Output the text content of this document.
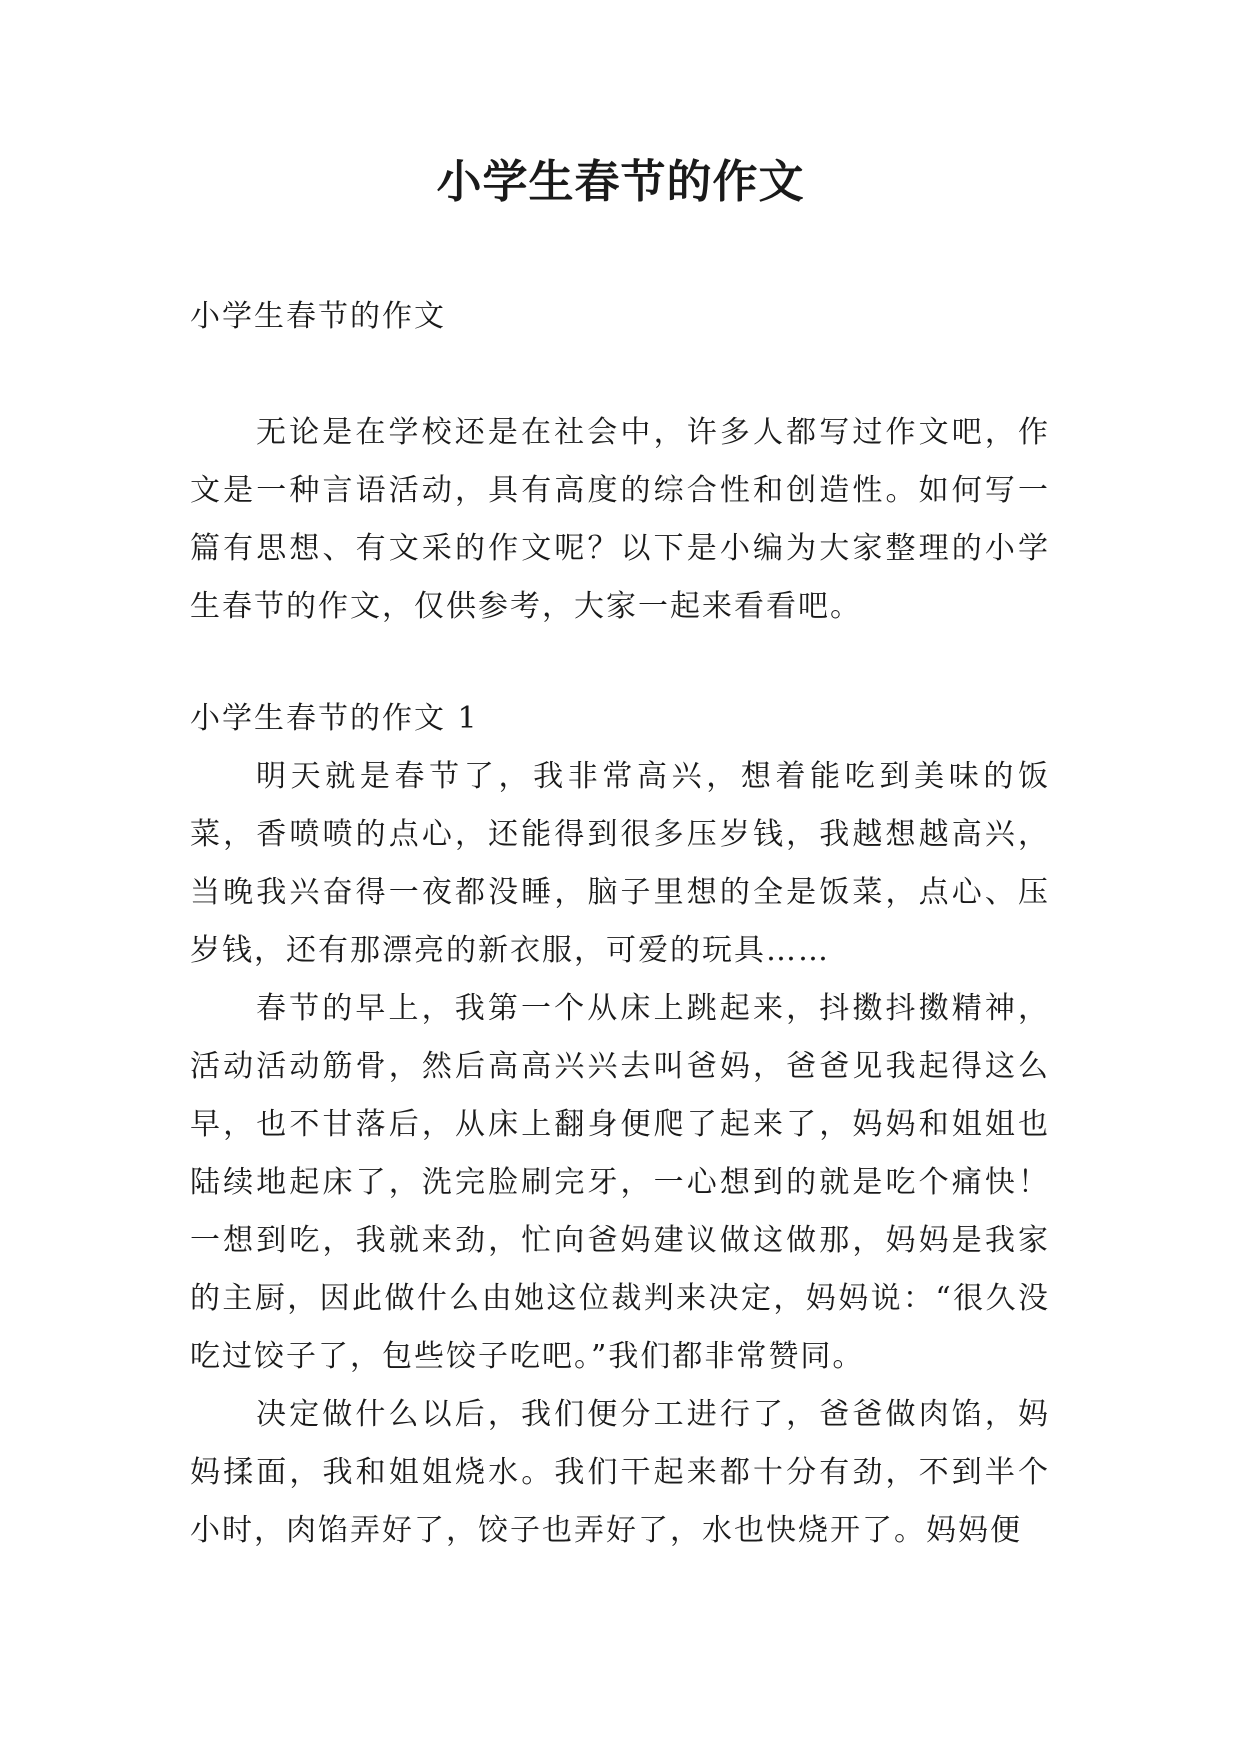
小学生春节的作文

小学生春节的作文

无论是在学校还是在社会中，许多人都写过作文吧，作文是一种言语活动，具有高度的综合性和创造性。如何写一篇有思想、有文采的作文呢？以下是小编为大家整理的小学生春节的作文，仅供参考，大家一起来看看吧。

小学生春节的作文 1

明天就是春节了，我非常高兴，想着能吃到美味的饭菜，香喷喷的点心，还能得到很多压岁钱，我越想越高兴，当晚我兴奋得一夜都没睡，脑子里想的全是饭菜，点心、压岁钱，还有那漂亮的新衣服，可爱的玩具……

春节的早上，我第一个从床上跳起来，抖擞抖擞精神，活动活动筋骨，然后高高兴兴去叫爸妈，爸爸见我起得这么早，也不甘落后，从床上翻身便爬了起来了，妈妈和姐姐也陆续地起床了，洗完脸刷完牙，一心想到的就是吃个痛快！一想到吃，我就来劲，忙向爸妈建议做这做那，妈妈是我家的主厨，因此做什么由她这位裁判来决定，妈妈说：“很久没吃过饺子了，包些饺子吃吧。”我们都非常赞同。

决定做什么以后，我们便分工进行了，爸爸做肉馅，妈妈揉面，我和姐姐烧水。我们干起来都十分有劲，不到半个小时，肉馅弄好了，饺子也弄好了，水也快烧开了。妈妈便
